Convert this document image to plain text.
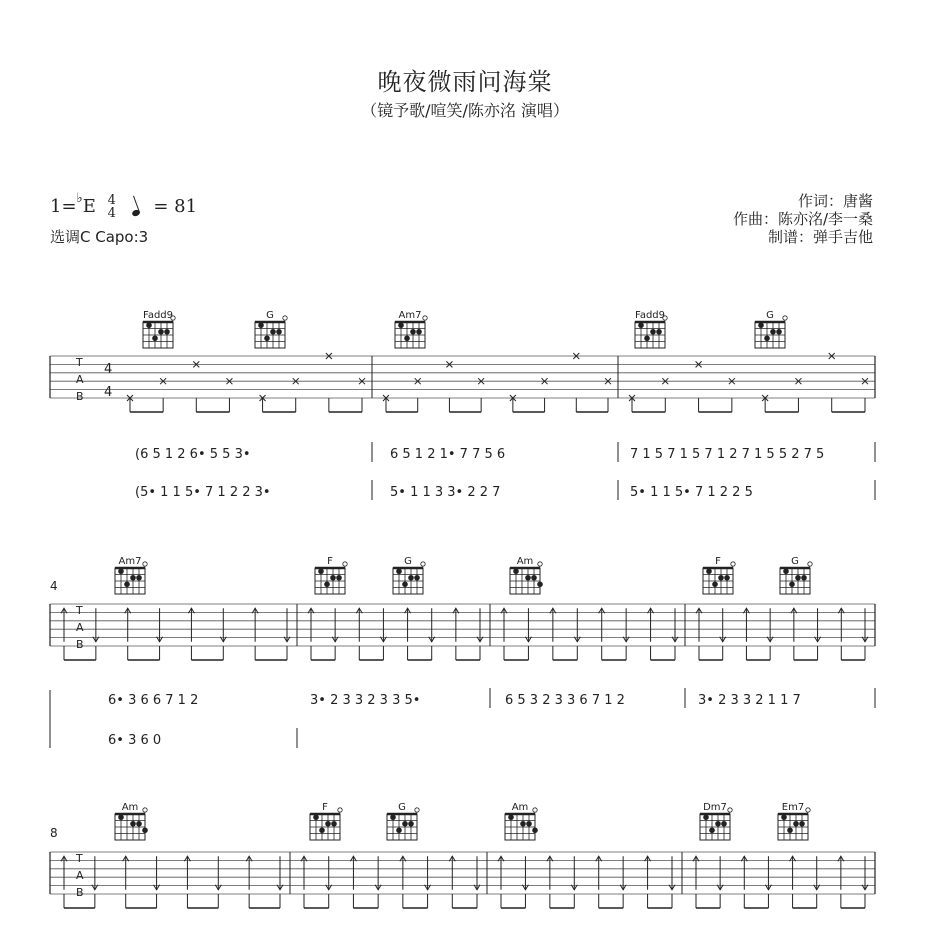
晚夜微雨问海棠
（镜予歌/喧笑/陈亦洺 演唱）
1=♭E 4
4 = 81
选调C Capo:3
作词：唐酱
作曲：陈亦洺/李一桑
制谱：弹手吉他
Fadd9	G	Am7	Fadd9	G
T
A
B
4
4
(6 5 1 2 6• 5 5 3•	6 5 1 2 1• 7 7 5 6	7 1 5 7 1 5 7 1 2 7 1 5 5 2 7 5
(5• 1 1 5• 7 1 2 2 3•	5• 1 1 3 3• 2 2 7	5• 1 1 5• 7 1 2 2 5
4
Am7	F	G	Am	F	G
T
A
B
6• 3 6 6 7 1 2	3• 2 3 3 2 3 3 5•	6 5 3 2 3 3 6 7 1 2	3• 2 3 3 2 1 1 7
6• 3 6 0
8
Am	F	G	Am	Dm7	Em7
T
A
B
